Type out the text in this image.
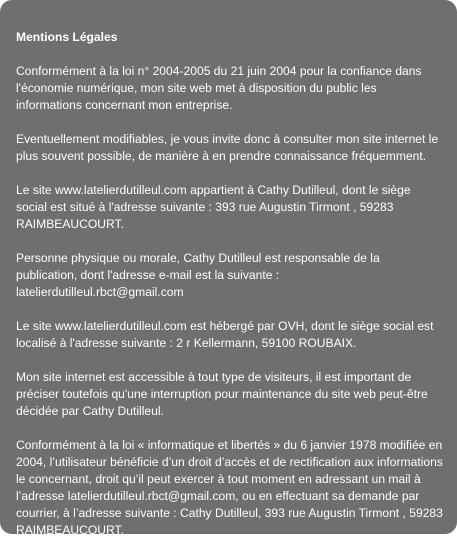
Mentions Légales
Conformément à la loi n° 2004-2005 du 21 juin 2004 pour la confiance dans l'économie numérique, mon site web met à disposition du public les informations concernant mon entreprise.
Eventuellement modifiables, je vous invite donc à consulter mon site internet le plus souvent possible, de manière à en prendre connaissance fréquemment.
Le site www.latelierdutilleul.com appartient à Cathy Dutilleul, dont le siège social est situé à l'adresse suivante : 393 rue Augustin Tirmont , 59283 RAIMBEAUCOURT.
Personne physique ou morale, Cathy Dutilleul est responsable de la publication, dont l'adresse e-mail est la suivante : latelierdutilleul.rbct@gmail.com
Le site www.latelierdutilleul.com est hébergé par OVH, dont le siège social est localisé à l'adresse suivante : 2 r Kellermann, 59100 ROUBAIX.
Mon site internet est accessible à tout type de visiteurs, il est important de préciser toutefois qu'une interruption pour maintenance du site web peut-être décidée par Cathy Dutilleul.
Conformément à la loi « informatique et libertés » du 6 janvier 1978 modifiée en 2004, l’utilisateur bénéficie d’un droit d’accès et de rectification aux informations le concernant, droit qu’il peut exercer à tout moment en adressant un mail à l’adresse latelierdutilleul.rbct@gmail.com, ou en effectuant sa demande par courrier, à l’adresse suivante : Cathy Dutilleul, 393 rue Augustin Tirmont , 59283 RAIMBEAUCOURT.
